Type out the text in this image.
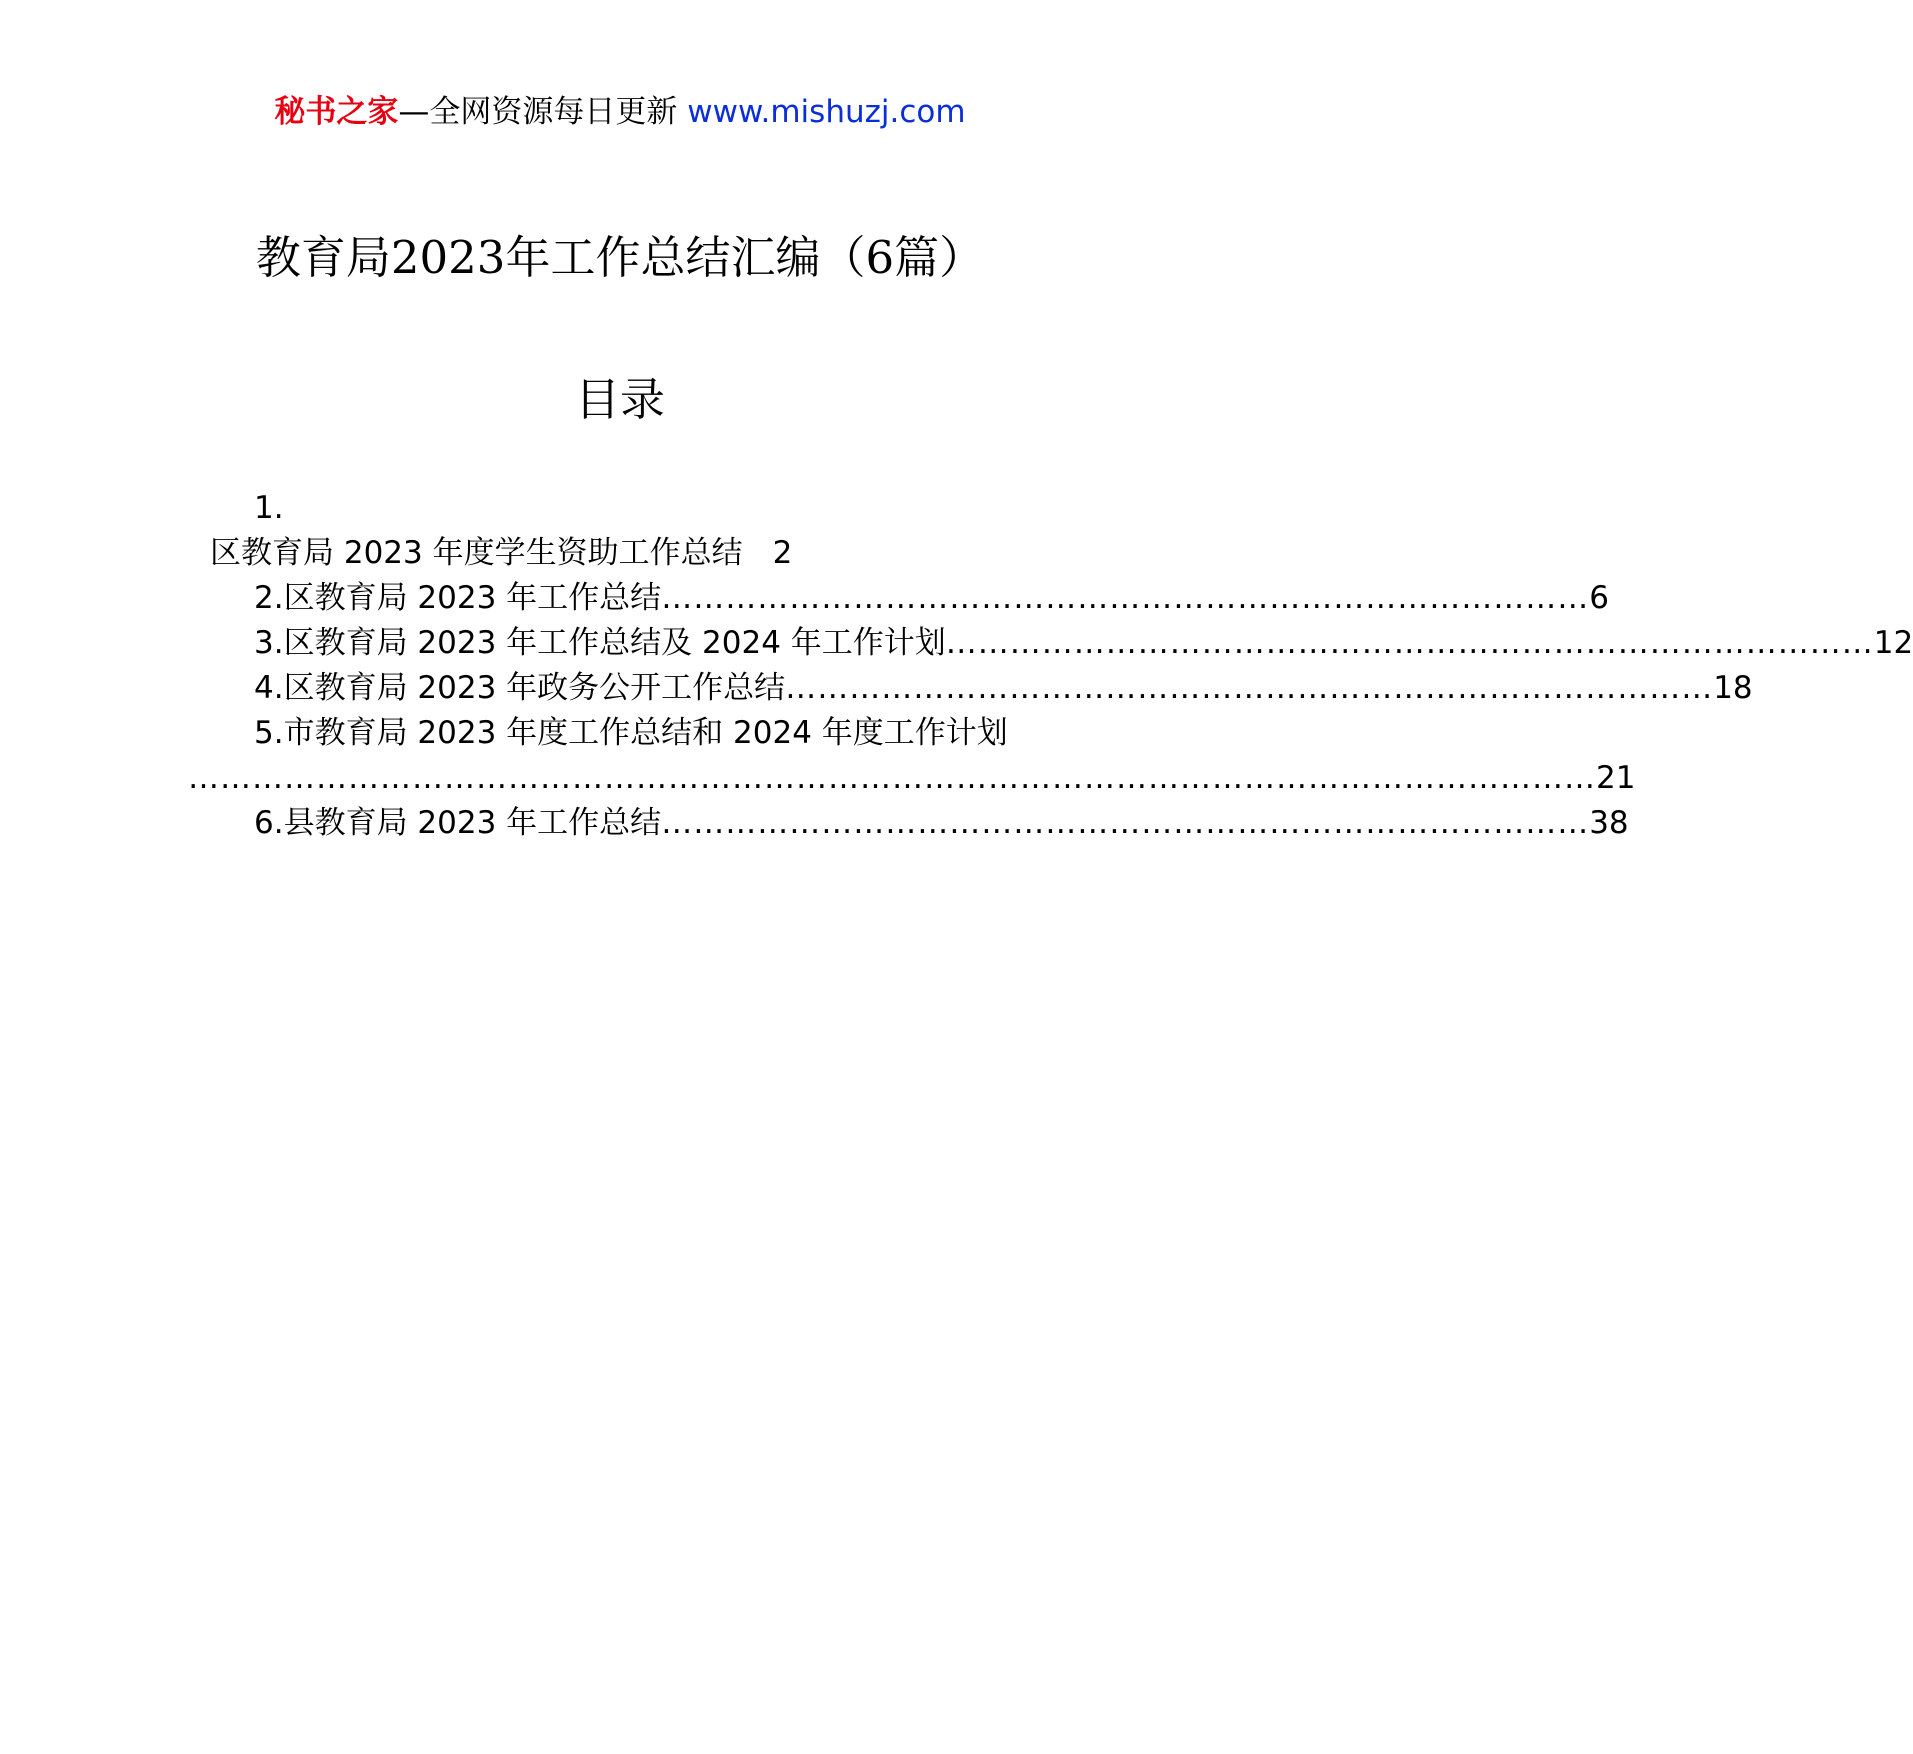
秘书之家—全网资源每日更新 www.mishuzj.com
教育局2023年工作总结汇编（6篇）
目录
1.
区教育局 2023 年度学生资助工作总结 2
2. 区教育局 2023 年工作总结 …………………………………………………………………………… 6
3. 区教育局 2023 年工作总结及 2024 年工作计划 …………………………………………………………………………… 12
4. 区教育局 2023 年政务公开工作总结 …………………………………………………………………………… 18
5. 市教育局 2023 年度工作总结和 2024 年度工作计划
…………………………………………………………………………………………………………………… 21
6. 县教育局 2023 年工作总结 …………………………………………………………………………… 38
